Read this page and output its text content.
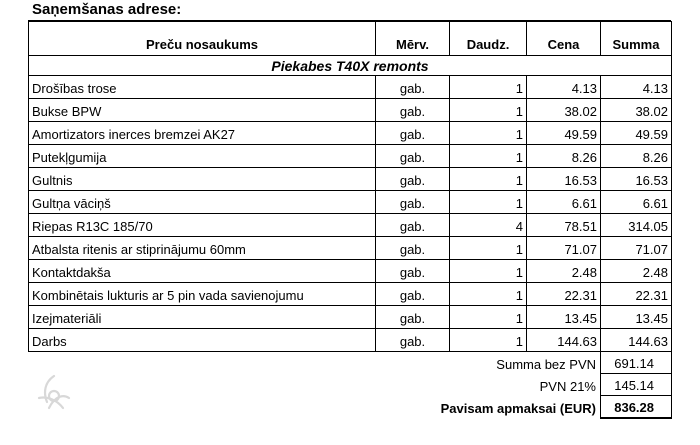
Saņemšanas adrese:
Preču nosaukums	Mērv.	Daudz.	Cena	Summa
Piekabes T40X remonts				
Drošības trose	gab.	1	4.13	4.13
Bukse BPW	gab.	1	38.02	38.02
Amortizators inerces bremzei AK27	gab.	1	49.59	49.59
Putekļgumija	gab.	1	8.26	8.26
Gultnis	gab.	1	16.53	16.53
Gultņa vāciņš	gab.	1	6.61	6.61
Riepas R13C 185/70	gab.	4	78.51	314.05
Atbalsta ritenis ar stiprinājumu 60mm	gab.	1	71.07	71.07
Kontaktdakša	gab.	1	2.48	2.48
Kombinētais lukturis ar 5 pin vada savienojumu	gab.	1	22.31	22.31
Izejmateriāli	gab.	1	13.45	13.45
Darbs	gab.	1	144.63	144.63
	Summa bez PVN			691.14
	PVN 21%			145.14
	Pavisam apmaksai (EUR)			836.28
